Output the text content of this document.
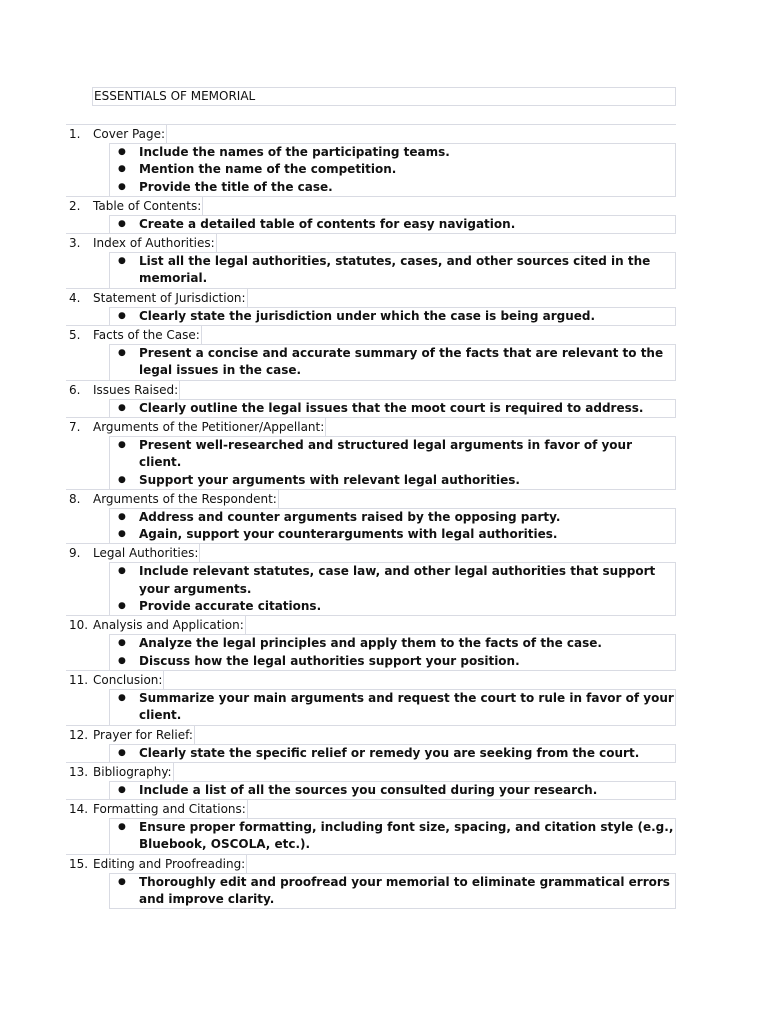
ESSENTIALS OF MEMORIAL
1.	Cover Page:
● Include the names of the participating teams.
● Mention the name of the competition.
● Provide the title of the case.
2.	Table of Contents:
● Create a detailed table of contents for easy navigation.
3.	Index of Authorities:
● List all the legal authorities, statutes, cases, and other sources cited in the memorial.
4.	Statement of Jurisdiction:
● Clearly state the jurisdiction under which the case is being argued.
5.	Facts of the Case:
● Present a concise and accurate summary of the facts that are relevant to the legal issues in the case.
6.	Issues Raised:
● Clearly outline the legal issues that the moot court is required to address.
7.	Arguments of the Petitioner/Appellant:
● Present well-researched and structured legal arguments in favor of your client.
● Support your arguments with relevant legal authorities.
8.	Arguments of the Respondent:
● Address and counter arguments raised by the opposing party.
● Again, support your counterarguments with legal authorities.
9.	Legal Authorities:
● Include relevant statutes, case law, and other legal authorities that support your arguments.
● Provide accurate citations.
10. Analysis and Application:
● Analyze the legal principles and apply them to the facts of the case.
● Discuss how the legal authorities support your position.
11. Conclusion:
● Summarize your main arguments and request the court to rule in favor of your client.
12. Prayer for Relief:
● Clearly state the specific relief or remedy you are seeking from the court.
13. Bibliography:
● Include a list of all the sources you consulted during your research.
14. Formatting and Citations:
● Ensure proper formatting, including font size, spacing, and citation style (e.g., Bluebook, OSCOLA, etc.).
15. Editing and Proofreading:
● Thoroughly edit and proofread your memorial to eliminate grammatical errors and improve clarity.
